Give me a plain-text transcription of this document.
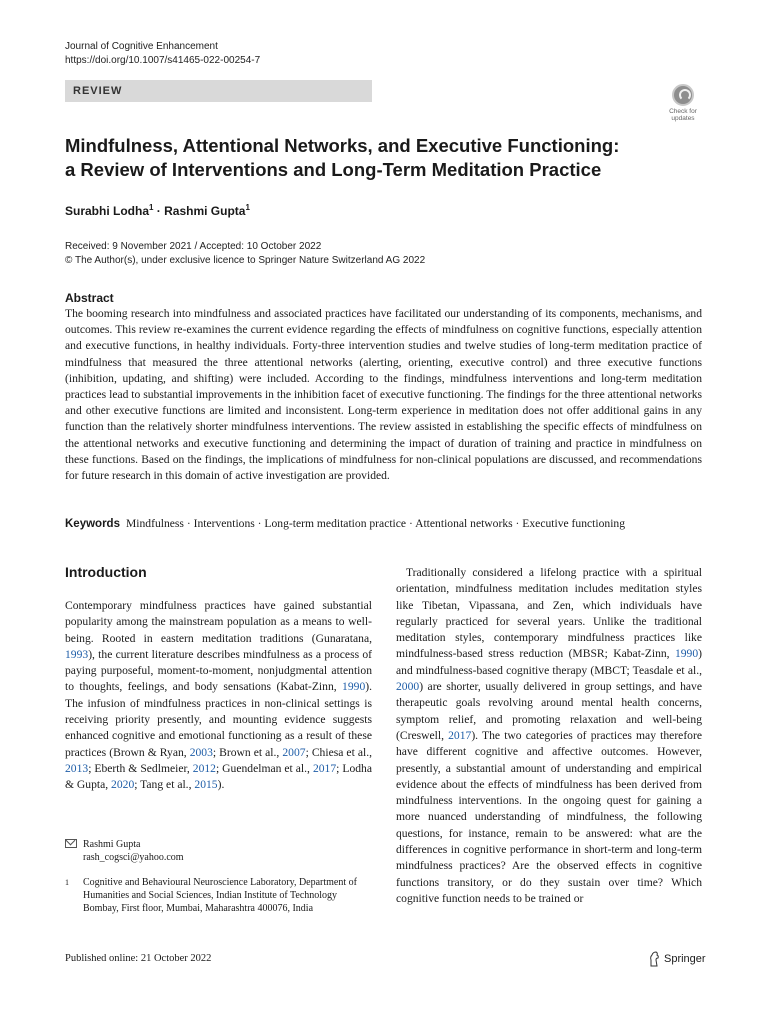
Journal of Cognitive Enhancement
https://doi.org/10.1007/s41465-022-00254-7
REVIEW
Check for
updates
Mindfulness, Attentional Networks, and Executive Functioning:
a Review of Interventions and Long-Term Meditation Practice
Surabhi Lodha$^1$ · Rashmi Gupta$^1$
Received: 9 November 2021 / Accepted: 10 October 2022
© The Author(s), under exclusive licence to Springer Nature Switzerland AG 2022
Abstract

The booming research into mindfulness and associated practices have facilitated our understanding of its components, mechanisms, and outcomes. This review re-examines the current evidence regarding the effects of mindfulness on cognitive functions, especially attention and executive functions, in healthy individuals. Forty-three intervention studies and twelve studies of long-term meditation practice of mindfulness that measured the three attentional networks (alerting, orienting, executive control) and three executive functions (inhibition, updating, and shifting) were included. According to the findings, mindfulness interventions and long-term meditation practices lead to substantial improvements in the inhibition facet of executive functioning. The findings for the three attentional networks and other executive functions are limited and inconsistent. Long-term experience in meditation does not offer additional gains in any function than the relatively shorter mindfulness interventions. The review assisted in establishing the specific effects of mindfulness on the attentional networks and executive functioning and determining the impact of duration of training and practice in mindfulness on these functions. Based on the findings, the implications of mindfulness for non-clinical populations are discussed, and recommendations for future research in this domain of active investigation are provided.

Keywords Mindfulness · Interventions · Long-term meditation practice · Attentional networks · Executive functioning
Introduction

Contemporary mindfulness practices have gained substantial popularity among the mainstream population as a means to well-being. Rooted in eastern meditation traditions (Gunaratana, 1993), the current literature describes mindfulness as a process of paying purposeful, moment-to-moment, nonjudgmental attention to thoughts, feelings, and body sensations (Kabat-Zinn, 1990). The infusion of mindfulness practices in non-clinical settings is receiving priority presently, and mounting evidence suggests enhanced cognitive and emotional functioning as a result of these practices (Brown & Ryan, 2003; Brown et al., 2007; Chiesa et al., 2013; Eberth & Sedlmeier, 2012; Guendelman et al., 2017; Lodha & Gupta, 2020; Tang et al., 2015).

Traditionally considered a lifelong practice with a spiritual orientation, mindfulness meditation includes meditation styles like Tibetan, Vipassana, and Zen, which individuals have regularly practiced for several years. Unlike the traditional meditation styles, contemporary mindfulness practices like mindfulness-based stress reduction (MBSR; Kabat-Zinn, 1990) and mindfulness-based cognitive therapy (MBCT; Teasdale et al., 2000) are shorter, usually delivered in group settings, and have therapeutic goals revolving around mental health concerns, symptom relief, and promoting relaxation and well-being (Creswell, 2017). The two categories of practices may therefore have different cognitive and affective outcomes. However, presently, a substantial amount of understanding and empirical evidence about the effects of mindfulness has been derived from mindfulness interventions. In the ongoing quest for gaining a more nuanced understanding of mindfulness, the following questions, for instance, remain to be answered: what are the differences in cognitive performance in short-term and long-term mindfulness practices? Are the observed effects in cognitive functions transitory, or do they sustain over time? Which cognitive function needs to be trained or

Rashmi Gupta
rash_cogsci@yahoo.com
1	Cognitive and Behavioural Neuroscience Laboratory, Department of Humanities and Social Sciences, Indian Institute of Technology Bombay, First floor, Mumbai, Maharashtra 400076, India
Published online: 21 October 2022	Springer
